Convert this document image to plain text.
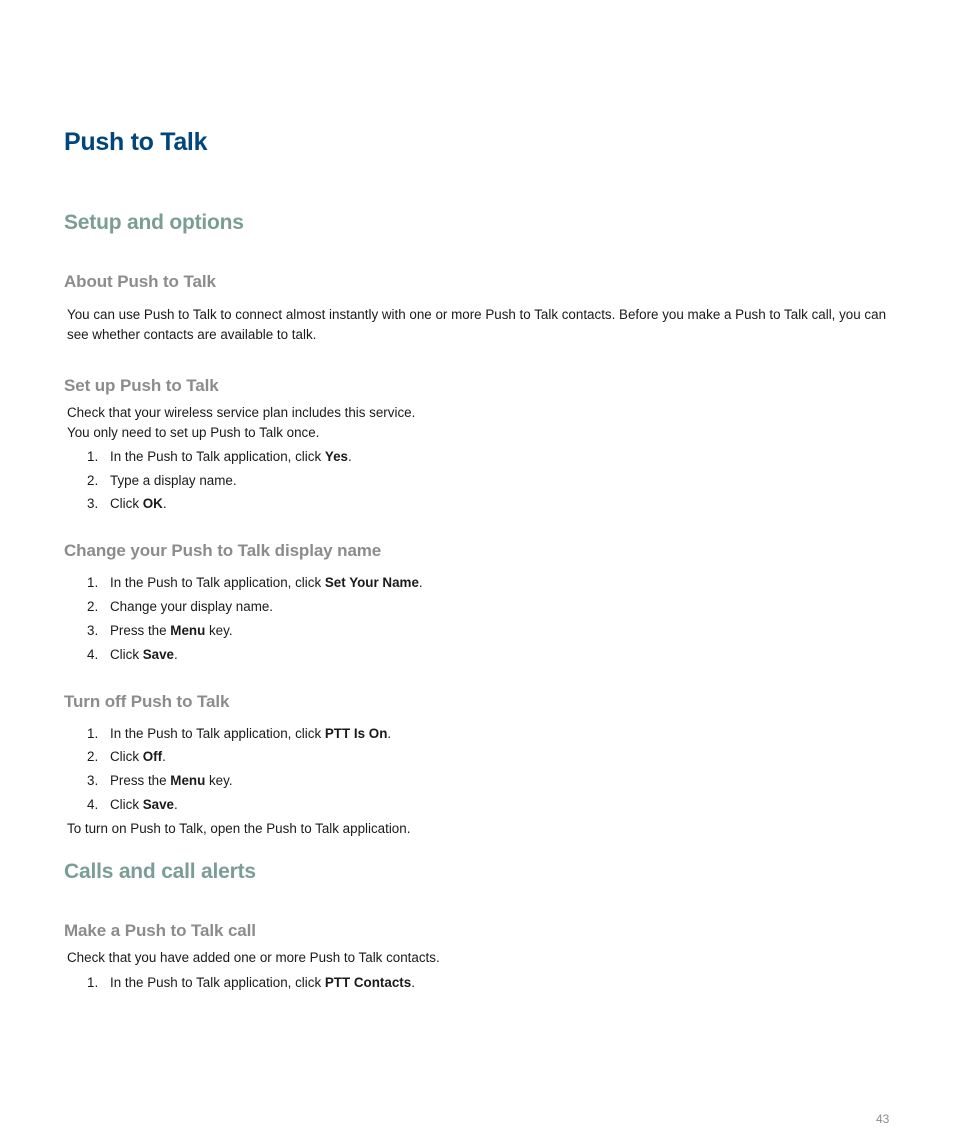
Push to Talk
Setup and options
About Push to Talk

You can use Push to Talk to connect almost instantly with one or more Push to Talk contacts. Before you make a Push to Talk call, you can see whether contacts are available to talk.

Set up Push to Talk

Check that your wireless service plan includes this service.

You only need to set up Push to Talk once.

1. In the Push to Talk application, click Yes.
2. Type a display name.
3. Click OK.
Change your Push to Talk display name
1. In the Push to Talk application, click Set Your Name.
2. Change your display name.
3. Press the Menu key.
4. Click Save.
Turn off Push to Talk
1. In the Push to Talk application, click PTT Is On.
2. Click Off.
3. Press the Menu key.
4. Click Save.

To turn on Push to Talk, open the Push to Talk application.

Calls and call alerts
Make a Push to Talk call

Check that you have added one or more Push to Talk contacts.

1. In the Push to Talk application, click PTT Contacts.
43
